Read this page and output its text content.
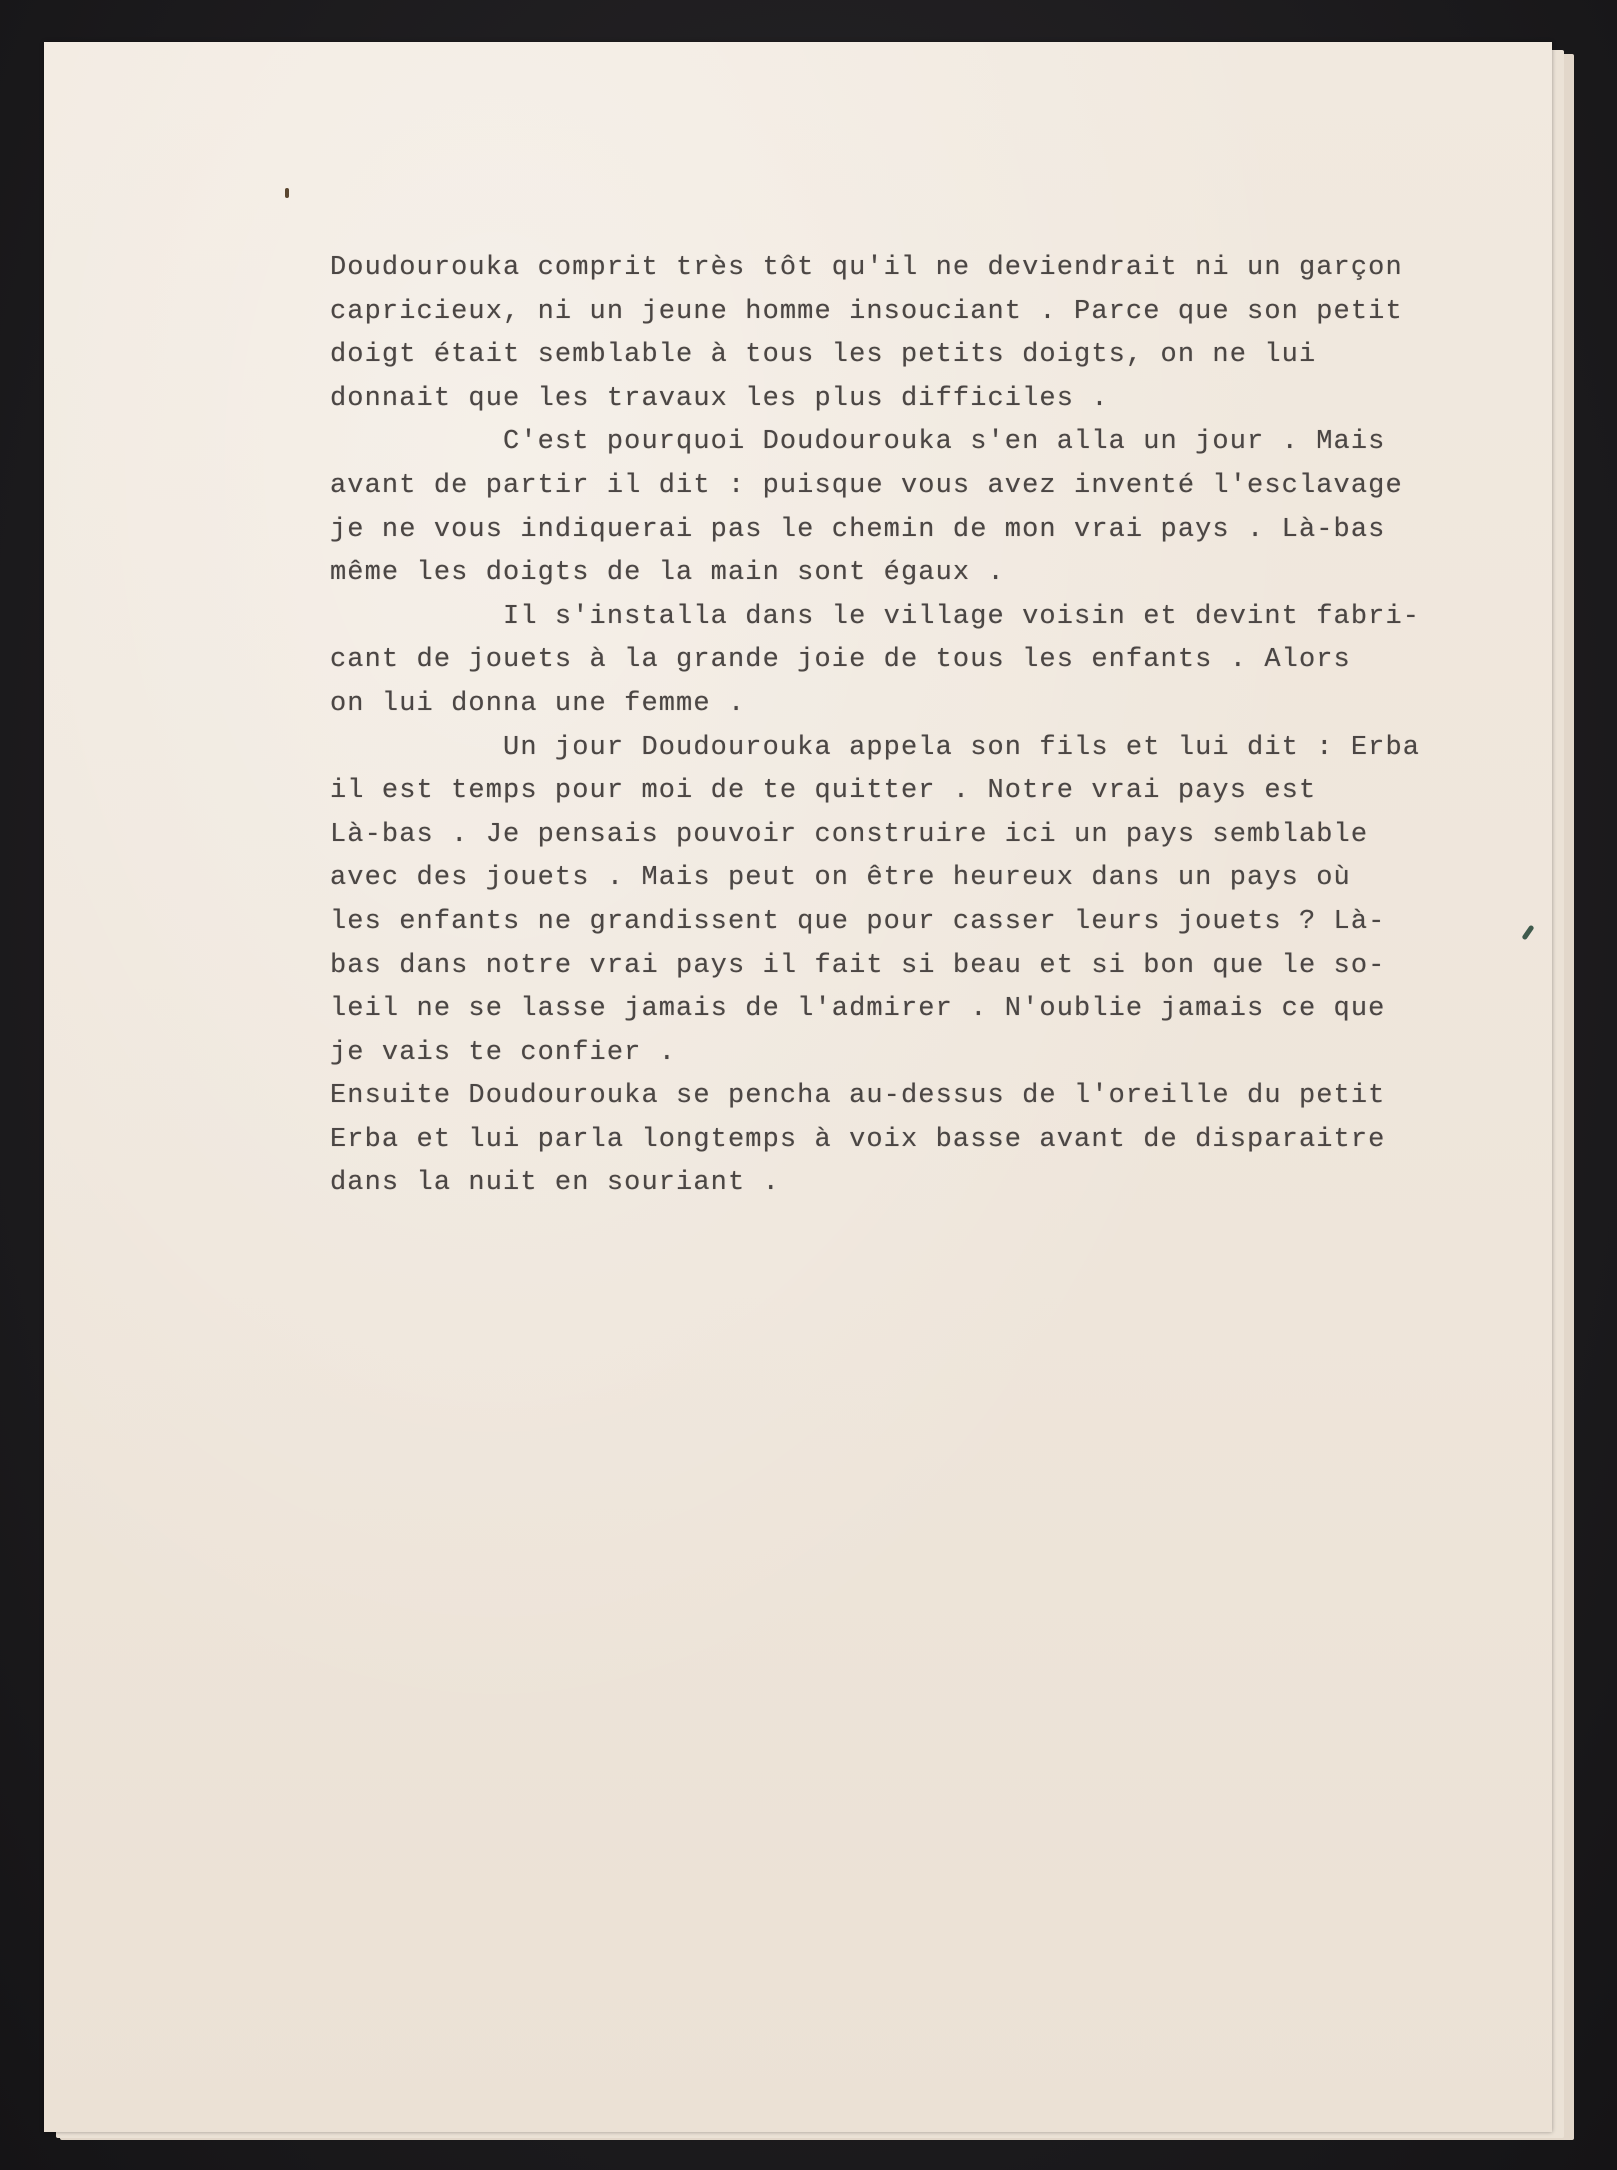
Doudourouka comprit très tôt qu'il ne deviendrait ni un garçon
capricieux, ni un jeune homme insouciant . Parce que son petit
doigt était semblable à tous les petits doigts, on ne lui
donnait que les travaux les plus difficiles .
C'est pourquoi Doudourouka s'en alla un jour . Mais
avant de partir il dit : puisque vous avez inventé l'esclavage
je ne vous indiquerai pas le chemin de mon vrai pays . Là-bas
même les doigts de la main sont égaux .
Il s'installa dans le village voisin et devint fabri-
cant de jouets à la grande joie de tous les enfants . Alors
on lui donna une femme .
Un jour Doudourouka appela son fils et lui dit : Erba
il est temps pour moi de te quitter . Notre vrai pays est
Là-bas . Je pensais pouvoir construire ici un pays semblable
avec des jouets . Mais peut on être heureux dans un pays où
les enfants ne grandissent que pour casser leurs jouets ? Là-
bas dans notre vrai pays il fait si beau et si bon que le so-
leil ne se lasse jamais de l'admirer . N'oublie jamais ce que
je vais te confier .
Ensuite Doudourouka se pencha au-dessus de l'oreille du petit
Erba et lui parla longtemps à voix basse avant de disparaitre
dans la nuit en souriant .
